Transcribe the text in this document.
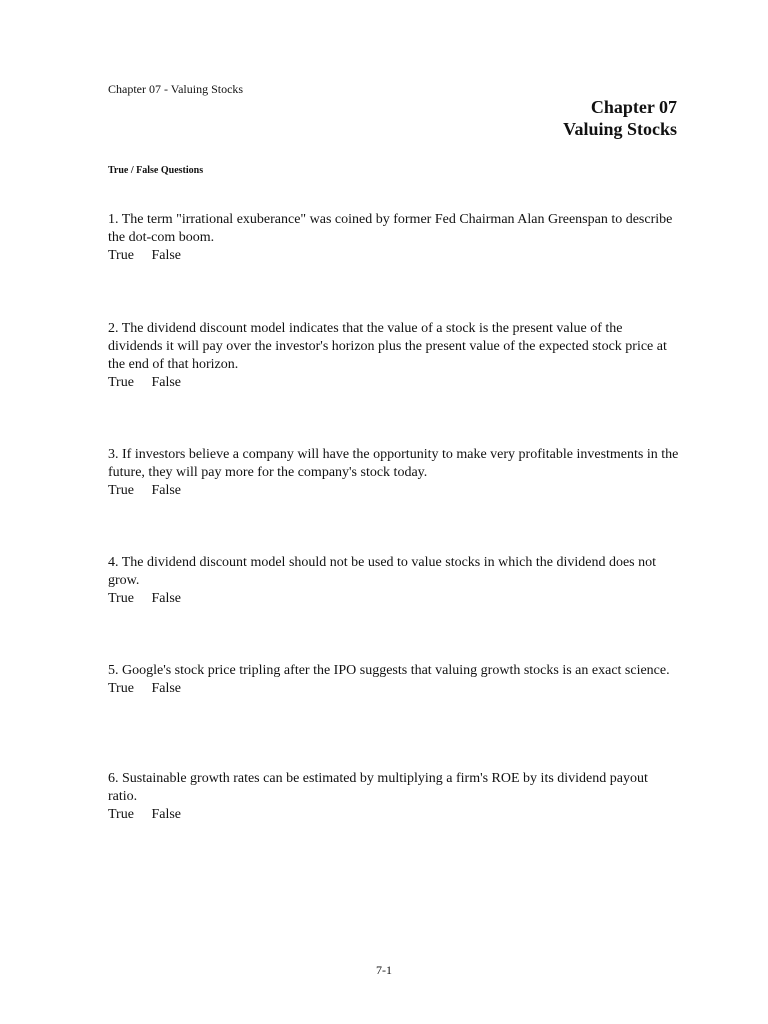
Chapter 07 - Valuing Stocks
Chapter 07
Valuing Stocks
True / False Questions
1. The term "irrational exuberance" was coined by former Fed Chairman Alan Greenspan to describe the dot-com boom.
True False
2. The dividend discount model indicates that the value of a stock is the present value of the dividends it will pay over the investor's horizon plus the present value of the expected stock price at the end of that horizon.
True False
3. If investors believe a company will have the opportunity to make very profitable investments in the future, they will pay more for the company's stock today.
True False
4. The dividend discount model should not be used to value stocks in which the dividend does not grow.
True False
5. Google's stock price tripling after the IPO suggests that valuing growth stocks is an exact science.
True False
6. Sustainable growth rates can be estimated by multiplying a firm's ROE by its dividend payout ratio.
True False
7-1
